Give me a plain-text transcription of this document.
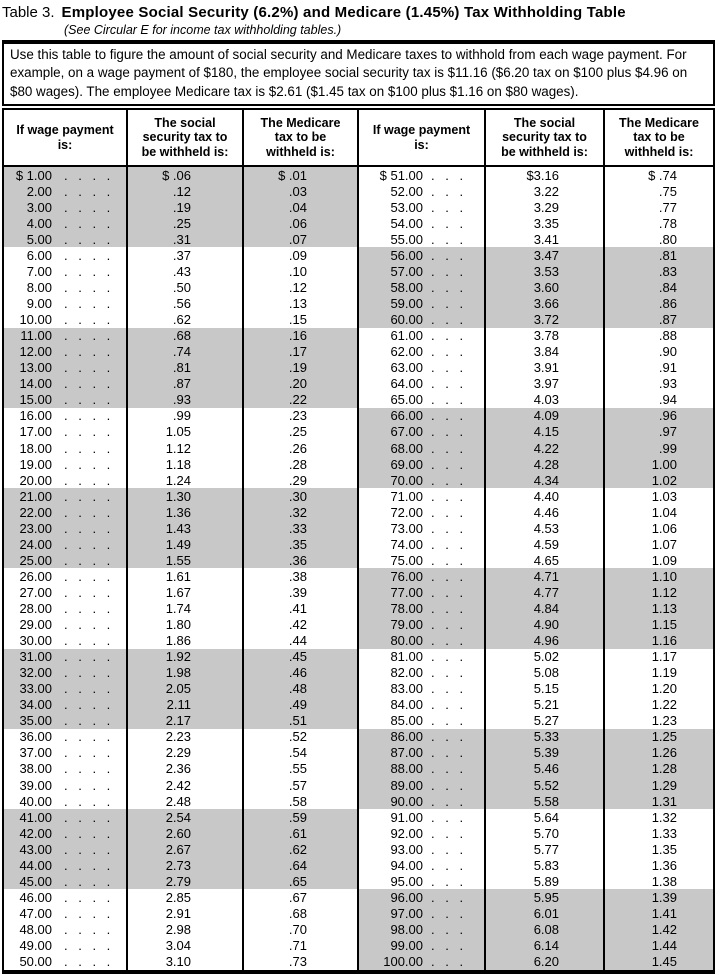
Table 3. Employee Social Security (6.2%) and Medicare (1.45%) Tax Withholding Table
(See Circular E for income tax withholding tables.)
Use this table to figure the amount of social security and Medicare taxes to withhold from each wage payment. For example, on a wage payment of $180, the employee social security tax is $11.16 ($6.20 tax on $100 plus $4.96 on $80 wages). The employee Medicare tax is $2.61 ($1.45 tax on $100 plus $1.16 on $80 wages).
If wage payment is:
The social security tax to be withheld is:
The Medicare tax to be withheld is:
If wage payment is:
The social security tax to be withheld is:
The Medicare tax to be withheld is:
$ 1.00 . . . .	$ .06	$ .01
2.00 . . . .	.12	.03
3.00 . . . .	.19	.04
4.00 . . . .	.25	.06
5.00 . . . .	.31	.07
6.00 . . . .	.37	.09
7.00 . . . .	.43	.10
8.00 . . . .	.50	.12
9.00 . . . .	.56	.13
10.00 . . . .	.62	.15
11.00 . . . .	.68	.16
12.00 . . . .	.74	.17
13.00 . . . .	.81	.19
14.00 . . . .	.87	.20
15.00 . . . .	.93	.22
16.00 . . . .	.99	.23
17.00 . . . .	1.05	.25
18.00 . . . .	1.12	.26
19.00 . . . .	1.18	.28
20.00 . . . .	1.24	.29
21.00 . . . .	1.30	.30
22.00 . . . .	1.36	.32
23.00 . . . .	1.43	.33
24.00 . . . .	1.49	.35
25.00 . . . .	1.55	.36
26.00 . . . .	1.61	.38
27.00 . . . .	1.67	.39
28.00 . . . .	1.74	.41
29.00 . . . .	1.80	.42
30.00 . . . .	1.86	.44
31.00 . . . .	1.92	.45
32.00 . . . .	1.98	.46
33.00 . . . .	2.05	.48
34.00 . . . .	2.11	.49
35.00 . . . .	2.17	.51
36.00 . . . .	2.23	.52
37.00 . . . .	2.29	.54
38.00 . . . .	2.36	.55
39.00 . . . .	2.42	.57
40.00 . . . .	2.48	.58
41.00 . . . .	2.54	.59
42.00 . . . .	2.60	.61
43.00 . . . .	2.67	.62
44.00 . . . .	2.73	.64
45.00 . . . .	2.79	.65
46.00 . . . .	2.85	.67
47.00 . . . .	2.91	.68
48.00 . . . .	2.98	.70
49.00 . . . .	3.04	.71
50.00 . . . .	3.10	.73
$ 51.00 . . .	$3.16	$ .74
52.00 . . .	3.22	.75
53.00 . . .	3.29	.77
54.00 . . .	3.35	.78
55.00 . . .	3.41	.80
56.00 . . .	3.47	.81
57.00 . . .	3.53	.83
58.00 . . .	3.60	.84
59.00 . . .	3.66	.86
60.00 . . .	3.72	.87
61.00 . . .	3.78	.88
62.00 . . .	3.84	.90
63.00 . . .	3.91	.91
64.00 . . .	3.97	.93
65.00 . . .	4.03	.94
66.00 . . .	4.09	.96
67.00 . . .	4.15	.97
68.00 . . .	4.22	.99
69.00 . . .	4.28	1.00
70.00 . . .	4.34	1.02
71.00 . . .	4.40	1.03
72.00 . . .	4.46	1.04
73.00 . . .	4.53	1.06
74.00 . . .	4.59	1.07
75.00 . . .	4.65	1.09
76.00 . . .	4.71	1.10
77.00 . . .	4.77	1.12
78.00 . . .	4.84	1.13
79.00 . . .	4.90	1.15
80.00 . . .	4.96	1.16
81.00 . . .	5.02	1.17
82.00 . . .	5.08	1.19
83.00 . . .	5.15	1.20
84.00 . . .	5.21	1.22
85.00 . . .	5.27	1.23
86.00 . . .	5.33	1.25
87.00 . . .	5.39	1.26
88.00 . . .	5.46	1.28
89.00 . . .	5.52	1.29
90.00 . . .	5.58	1.31
91.00 . . .	5.64	1.32
92.00 . . .	5.70	1.33
93.00 . . .	5.77	1.35
94.00 . . .	5.83	1.36
95.00 . . .	5.89	1.38
96.00 . . .	5.95	1.39
97.00 . . .	6.01	1.41
98.00 . . .	6.08	1.42
99.00 . . .	6.14	1.44
100.00 . . .	6.20	1.45
